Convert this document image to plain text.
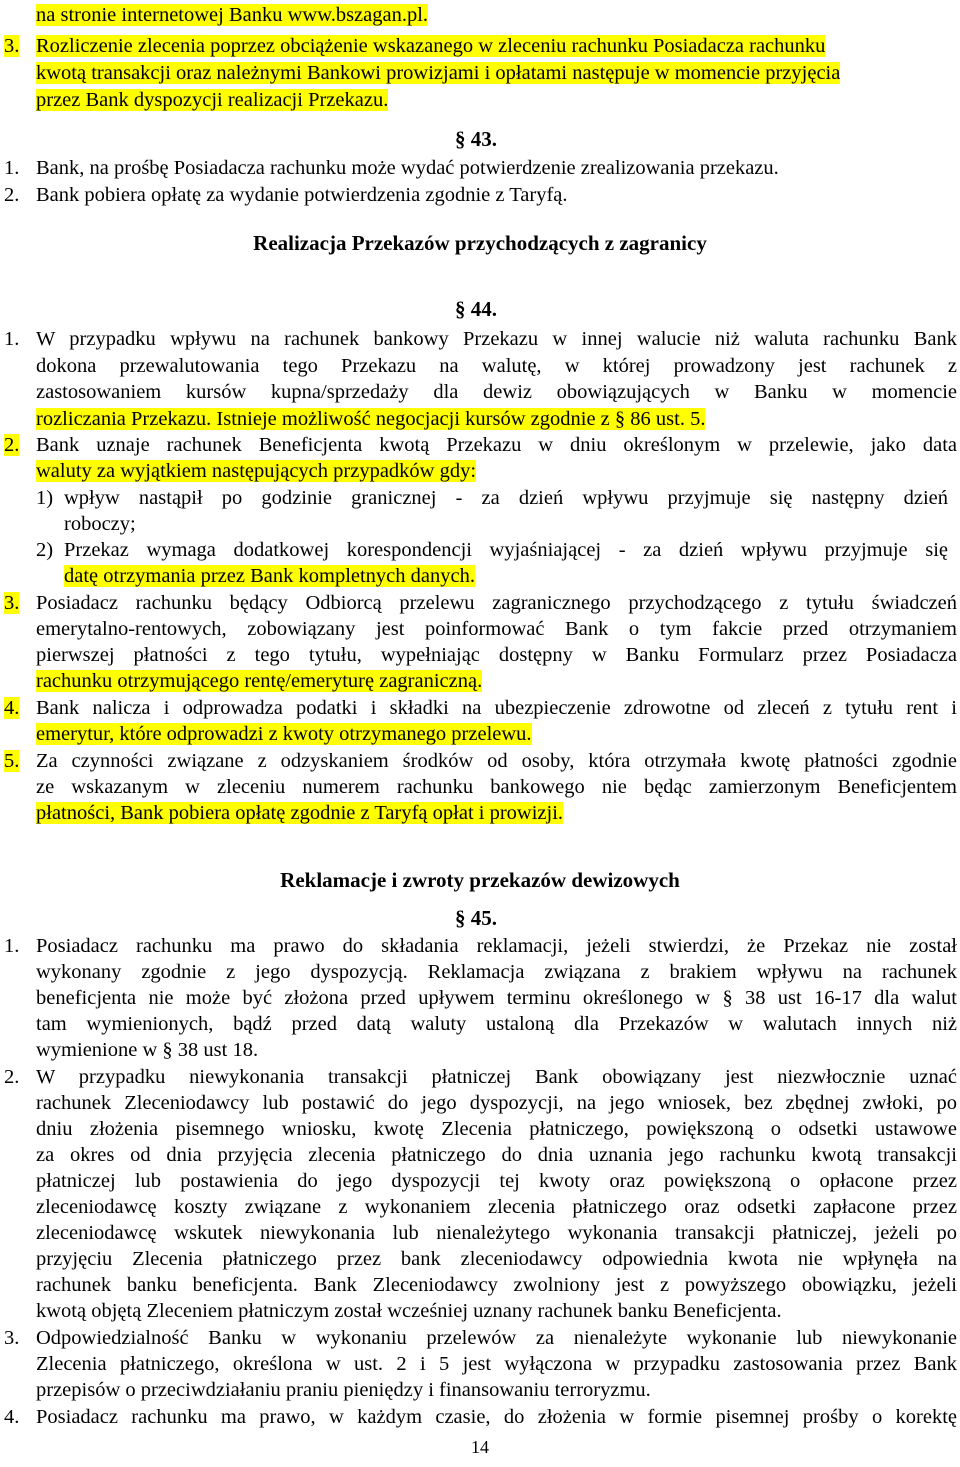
na stronie internetowej Banku www.bszagan.pl.
3. Rozliczenie zlecenia poprzez obciążenie wskazanego w zleceniu rachunku Posiadacza rachunku
kwotą transakcji oraz należnymi Bankowi prowizjami i opłatami następuje w momencie przyjęcia
przez Bank dyspozycji realizacji Przekazu.
§ 43.
1. Bank, na prośbę Posiadacza rachunku może wydać potwierdzenie zrealizowania przekazu.
2. Bank pobiera opłatę za wydanie potwierdzenia zgodnie z Taryfą.
Realizacja Przekazów przychodzących z zagranicy
§ 44.
1. W przypadku wpływu na rachunek bankowy Przekazu w innej walucie niż waluta rachunku Bank
dokona przewalutowania tego Przekazu na walutę, w której prowadzony jest rachunek z
zastosowaniem kursów kupna/sprzedaży dla dewiz obowiązujących w Banku w momencie
rozliczania Przekazu. Istnieje możliwość negocjacji kursów zgodnie z § 86 ust. 5.
2. Bank uznaje rachunek Beneficjenta kwotą Przekazu w dniu określonym w przelewie, jako data
waluty za wyjątkiem następujących przypadków gdy:
1) wpływ nastąpił po godzinie granicznej - za dzień wpływu przyjmuje się następny dzień
roboczy;
2) Przekaz wymaga dodatkowej korespondencji wyjaśniającej - za dzień wpływu przyjmuje się
datę otrzymania przez Bank kompletnych danych.
3. Posiadacz rachunku będący Odbiorcą przelewu zagranicznego przychodzącego z tytułu świadczeń
emerytalno-rentowych, zobowiązany jest poinformować Bank o tym fakcie przed otrzymaniem
pierwszej płatności z tego tytułu, wypełniając dostępny w Banku Formularz przez Posiadacza
rachunku otrzymującego rentę/emeryturę zagraniczną.
4. Bank nalicza i odprowadza podatki i składki na ubezpieczenie zdrowotne od zleceń z tytułu rent i
emerytur, które odprowadzi z kwoty otrzymanego przelewu.
5. Za czynności związane z odzyskaniem środków od osoby, która otrzymała kwotę płatności zgodnie
ze wskazanym w zleceniu numerem rachunku bankowego nie będąc zamierzonym Beneficjentem
płatności, Bank pobiera opłatę zgodnie z Taryfą opłat i prowizji.
Reklamacje i zwroty przekazów dewizowych
§ 45.
1. Posiadacz rachunku ma prawo do składania reklamacji, jeżeli stwierdzi, że Przekaz nie został
wykonany zgodnie z jego dyspozycją. Reklamacja związana z brakiem wpływu na rachunek
beneficjenta nie może być złożona przed upływem terminu określonego w § 38 ust 16-17 dla walut
tam wymienionych, bądź przed datą waluty ustaloną dla Przekazów w walutach innych niż
wymienione w § 38 ust 18.
2. W przypadku niewykonania transakcji płatniczej Bank obowiązany jest niezwłocznie uznać
rachunek Zleceniodawcy lub postawić do jego dyspozycji, na jego wniosek, bez zbędnej zwłoki, po
dniu złożenia pisemnego wniosku, kwotę Zlecenia płatniczego, powiększoną o odsetki ustawowe
za okres od dnia przyjęcia zlecenia płatniczego do dnia uznania jego rachunku kwotą transakcji
płatniczej lub postawienia do jego dyspozycji tej kwoty oraz powiększoną o opłacone przez
zleceniodawcę koszty związane z wykonaniem zlecenia płatniczego oraz odsetki zapłacone przez
zleceniodawcę wskutek niewykonania lub nienależytego wykonania transakcji płatniczej, jeżeli po
przyjęciu Zlecenia płatniczego przez bank zleceniodawcy odpowiednia kwota nie wpłynęła na
rachunek banku beneficjenta. Bank Zleceniodawcy zwolniony jest z powyższego obowiązku, jeżeli
kwotą objętą Zleceniem płatniczym został wcześniej uznany rachunek banku Beneficjenta.
3. Odpowiedzialność Banku w wykonaniu przelewów za nienależyte wykonanie lub niewykonanie
Zlecenia płatniczego, określona w ust. 2 i 5 jest wyłączona w przypadku zastosowania przez Bank
przepisów o przeciwdziałaniu praniu pieniędzy i finansowaniu terroryzmu.
4. Posiadacz rachunku ma prawo, w każdym czasie, do złożenia w formie pisemnej prośby o korektę
14
